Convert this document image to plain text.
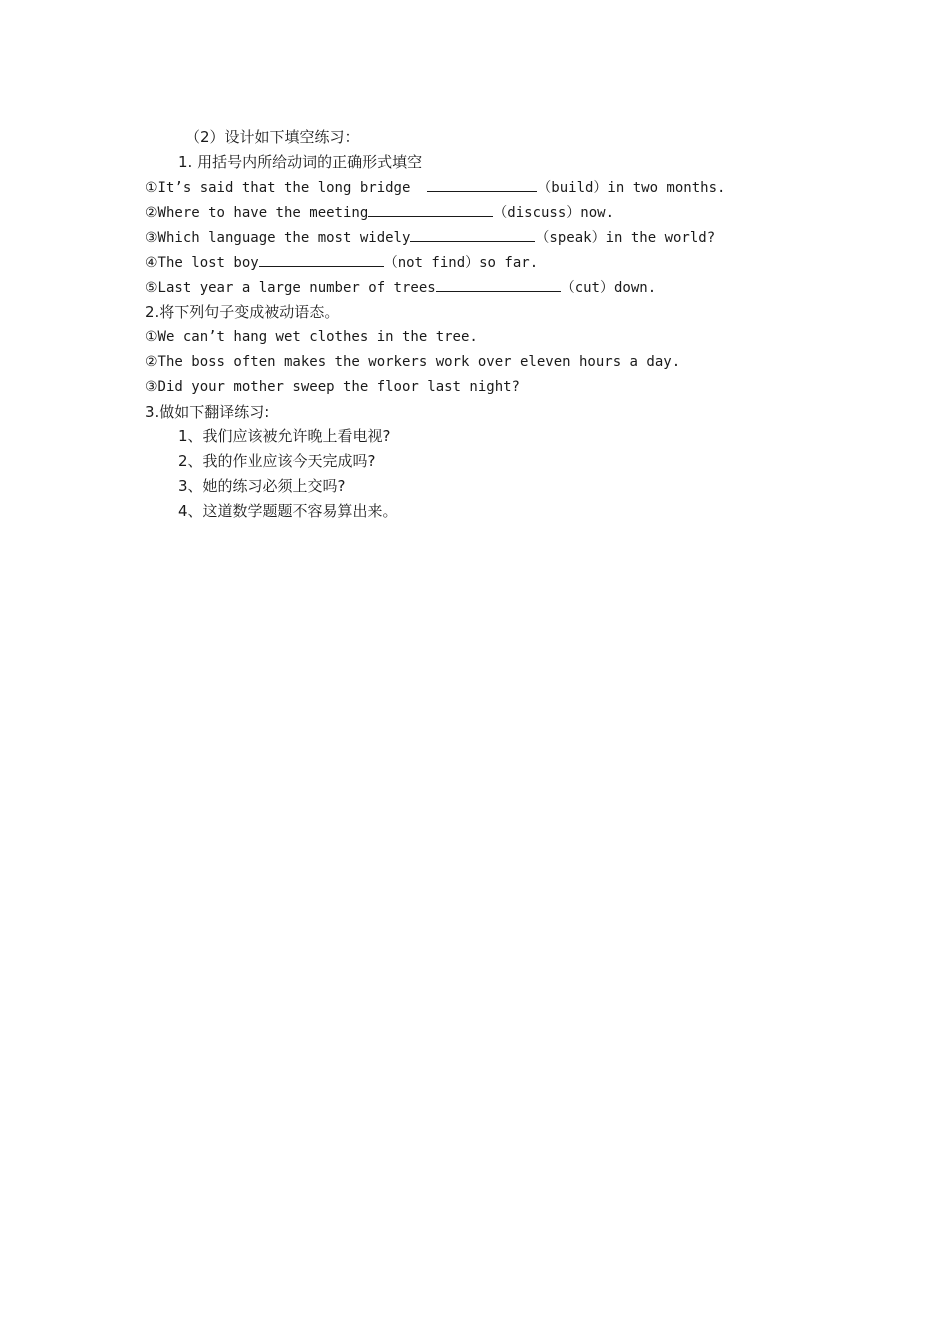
（2）设计如下填空练习：
1. 用括号内所给动词的正确形式填空
①It’s said that the long bridge	（build）in two months.
②Where to have the meeting	（discuss）now.
③Which language the most widely	（speak）in the world?
④The lost boy	（not find）so far.
⑤Last year a large number of trees	（cut）down.
2.将下列句子变成被动语态。
①We can’t hang wet clothes in the tree.
②The boss often makes the workers work over eleven hours a day.
③Did your mother sweep the floor last night?
3.做如下翻译练习:
1、我们应该被允许晚上看电视?
2、我的作业应该今天完成吗?
3、她的练习必须上交吗?
4、这道数学题题不容易算出来。
